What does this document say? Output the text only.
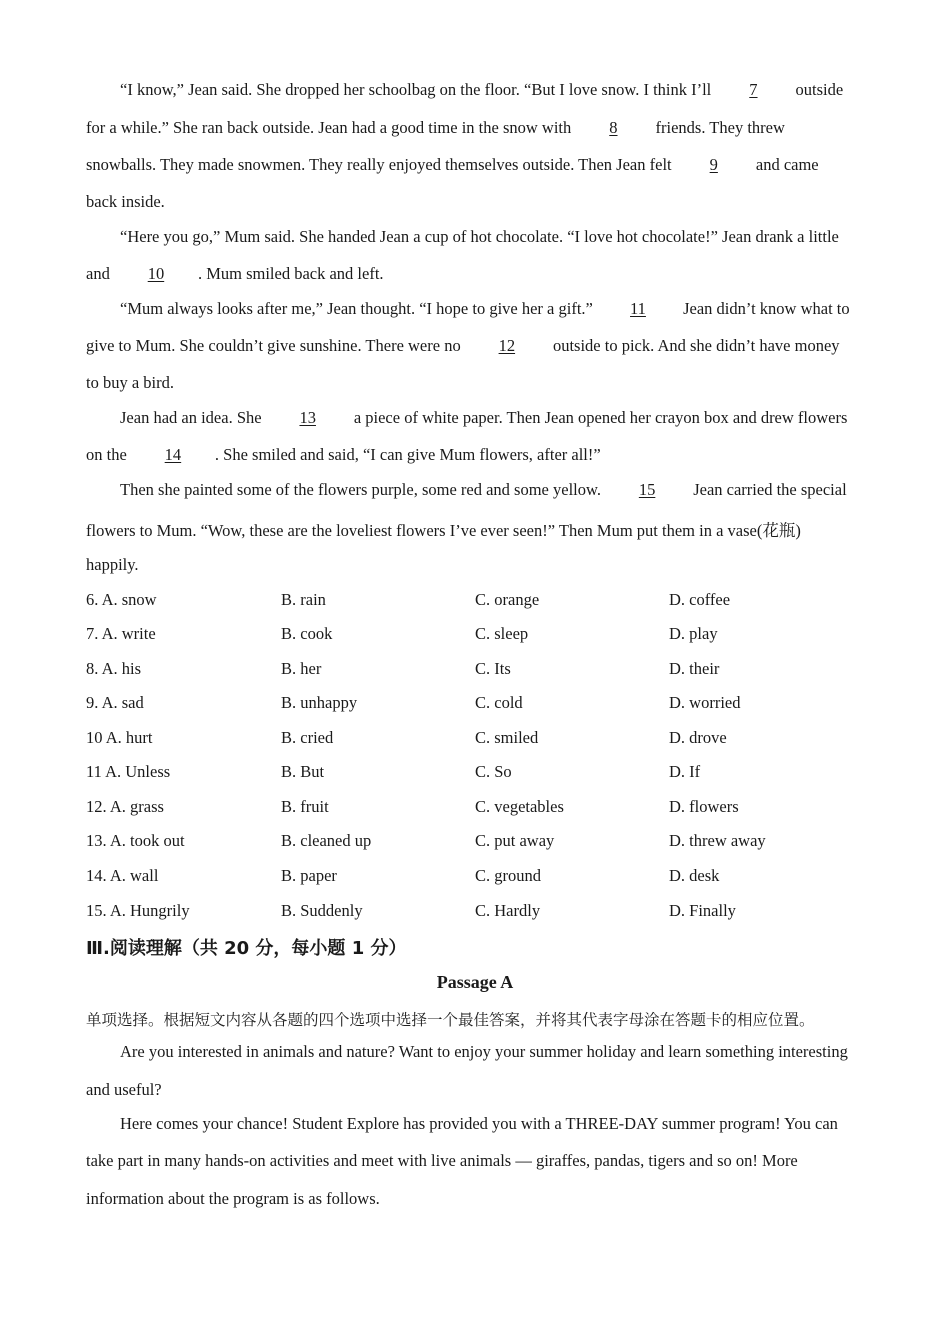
“I know,” Jean said. She dropped her schoolbag on the floor. “But I love snow. I think I’ll 7 outside
for a while.” She ran back outside. Jean had a good time in the snow with 8 friends. They threw
snowballs. They made snowmen. They really enjoyed themselves outside. Then Jean felt 9 and came
back inside.
“Here you go,” Mum said. She handed Jean a cup of hot chocolate. “I love hot chocolate!” Jean drank a little
and 10 . Mum smiled back and left.
“Mum always looks after me,” Jean thought. “I hope to give her a gift.” 11 Jean didn’t know what to
give to Mum. She couldn’t give sunshine. There were no 12 outside to pick. And she didn’t have money
to buy a bird.
Jean had an idea. She 13 a piece of white paper. Then Jean opened her crayon box and drew flowers
on the 14 . She smiled and said, “I can give Mum flowers, after all!”
Then she painted some of the flowers purple, some red and some yellow. 15 Jean carried the special
flowers to Mum. “Wow, these are the loveliest flowers I’ve ever seen!” Then Mum put them in a vase(花瓶)
happily.
6. A. snow	B. rain	C. orange	D. coffee
7. A. write	B. cook	C. sleep	D. play
8. A. his	B. her	C. Its	D. their
9. A. sad	B. unhappy	C. cold	D. worried
10 A. hurt	B. cried	C. smiled	D. drove
11 A. Unless	B. But	C. So	D. If
12. A. grass	B. fruit	C. vegetables	D. flowers
13. A. took out	B. cleaned up	C. put away	D. threw away
14. A. wall	B. paper	C. ground	D. desk
15. A. Hungrily	B. Suddenly	C. Hardly	D. Finally
Ⅲ.阅读理解（共 20 分，每小题 1 分）
Passage A
单项选择。根据短文内容从各题的四个选项中选择一个最佳答案，并将其代表字母涂在答题卡的相应位置。
Are you interested in animals and nature? Want to enjoy your summer holiday and learn something interesting
and useful?
Here comes your chance! Student Explore has provided you with a THREE-DAY summer program! You can
take part in many hands-on activities and meet with live animals — giraffes, pandas, tigers and so on! More
information about the program is as follows.
